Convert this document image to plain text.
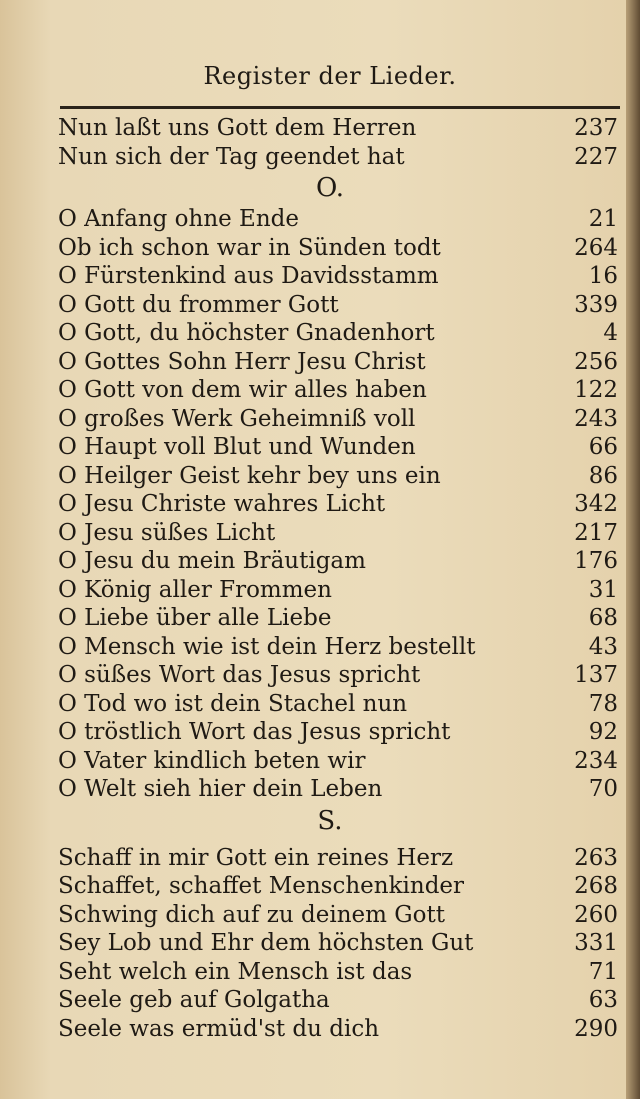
Register der Lieder.
Nun laßt uns Gott dem Herren	237
Nun sich der Tag geendet hat	227
O.
O Anfang ohne Ende	21
Ob ich schon war in Sünden todt	264
O Fürstenkind aus Davidsstamm	16
O Gott du frommer Gott	339
O Gott, du höchster Gnadenhort	4
O Gottes Sohn Herr Jesu Christ	256
O Gott von dem wir alles haben	122
O großes Werk Geheimniß voll	243
O Haupt voll Blut und Wunden	66
O Heilger Geist kehr bey uns ein	86
O Jesu Christe wahres Licht	342
O Jesu süßes Licht	217
O Jesu du mein Bräutigam	176
O König aller Frommen	31
O Liebe über alle Liebe	68
O Mensch wie ist dein Herz bestellt	43
O süßes Wort das Jesus spricht	137
O Tod wo ist dein Stachel nun	78
O tröstlich Wort das Jesus spricht	92
O Vater kindlich beten wir	234
O Welt sieh hier dein Leben	70
S.
Schaff in mir Gott ein reines Herz	263
Schaffet, schaffet Menschenkinder	268
Schwing dich auf zu deinem Gott	260
Sey Lob und Ehr dem höchsten Gut	331
Seht welch ein Mensch ist das	71
Seele geb auf Golgatha	63
Seele was ermüd'st du dich	290
